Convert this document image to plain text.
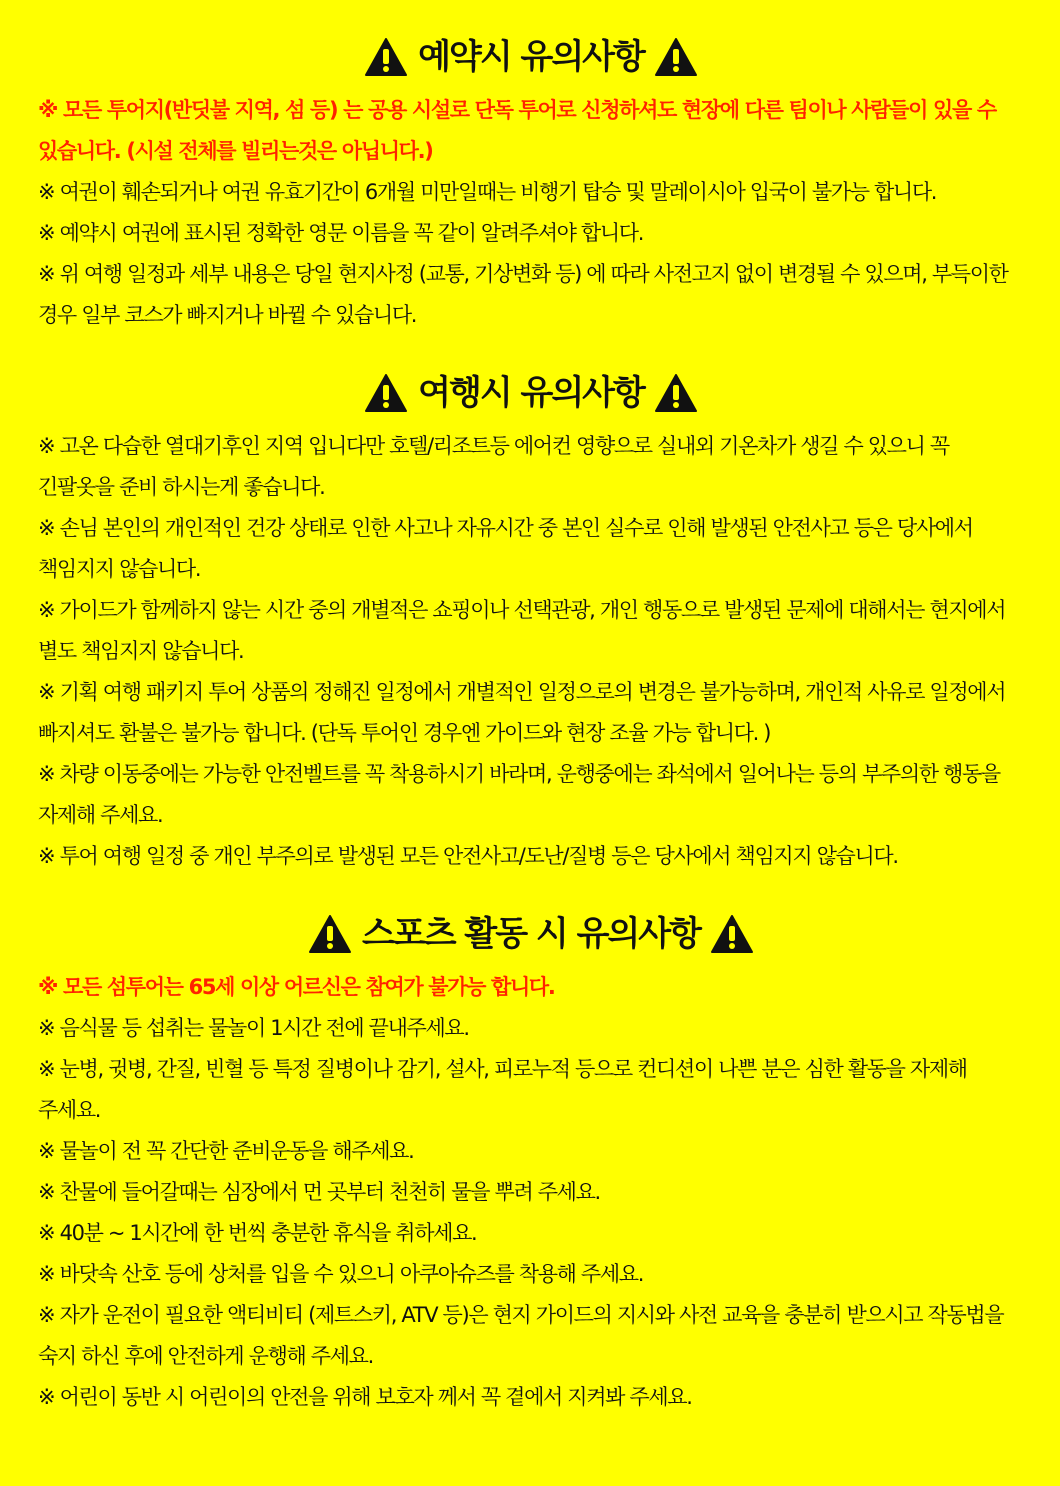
예약시 유의사항
※ 모든 투어지(반딧불 지역, 섬 등) 는 공용 시설로 단독 투어로 신청하셔도 현장에 다른 팀이나 사람들이 있을 수 있습니다. (시설 전체를 빌리는것은 아닙니다.)
※ 여권이 훼손되거나 여권 유효기간이 6개월 미만일때는 비행기 탑승 및 말레이시아 입국이 불가능 합니다.
※ 예약시 여권에 표시된 정확한 영문 이름을 꼭 같이 알려주셔야 합니다.
※ 위 여행 일정과 세부 내용은 당일 현지사정 (교통, 기상변화 등) 에 따라 사전고지 없이 변경될 수 있으며, 부득이한 경우 일부 코스가 빠지거나 바뀔 수 있습니다.
여행시 유의사항
※ 고온 다습한 열대기후인 지역 입니다만 호텔/리조트등 에어컨 영향으로 실내외 기온차가 생길 수 있으니 꼭 긴팔옷을 준비 하시는게 좋습니다.
※ 손님 본인의 개인적인 건강 상태로 인한 사고나 자유시간 중 본인 실수로 인해 발생된 안전사고 등은 당사에서 책임지지 않습니다.
※ 가이드가 함께하지 않는 시간 중의 개별적은 쇼핑이나 선택관광, 개인 행동으로 발생된 문제에 대해서는 현지에서 별도 책임지지 않습니다.
※ 기획 여행 패키지 투어 상품의 정해진 일정에서 개별적인 일정으로의 변경은 불가능하며, 개인적 사유로 일정에서 빠지셔도 환불은 불가능 합니다. (단독 투어인 경우엔 가이드와 현장 조율 가능 합니다. )
※ 차량 이동중에는 가능한 안전벨트를 꼭 착용하시기 바라며, 운행중에는 좌석에서 일어나는 등의 부주의한 행동을 자제해 주세요.
※ 투어 여행 일정 중 개인 부주의로 발생된 모든 안전사고/도난/질병 등은 당사에서 책임지지 않습니다.
스포츠 활동 시 유의사항
※ 모든 섬투어는 65세 이상 어르신은 참여가 불가능 합니다.
※ 음식물 등 섭취는 물놀이 1시간 전에 끝내주세요.
※ 눈병, 귓병, 간질, 빈혈 등 특정 질병이나 감기, 설사, 피로누적 등으로 컨디션이 나쁜 분은 심한 활동을 자제해 주세요.
※ 물놀이 전 꼭 간단한 준비운동을 해주세요.
※ 찬물에 들어갈때는 심장에서 먼 곳부터 천천히 물을 뿌려 주세요.
※ 40분 ~ 1시간에 한 번씩 충분한 휴식을 취하세요.
※ 바닷속 산호 등에 상처를 입을 수 있으니 아쿠아슈즈를 착용해 주세요.
※ 자가 운전이 필요한 액티비티 (제트스키, ATV 등)은 현지 가이드의 지시와 사전 교육을 충분히 받으시고 작동법을 숙지 하신 후에 안전하게 운행해 주세요.
※ 어린이 동반 시 어린이의 안전을 위해 보호자 께서 꼭 곁에서 지켜봐 주세요.
